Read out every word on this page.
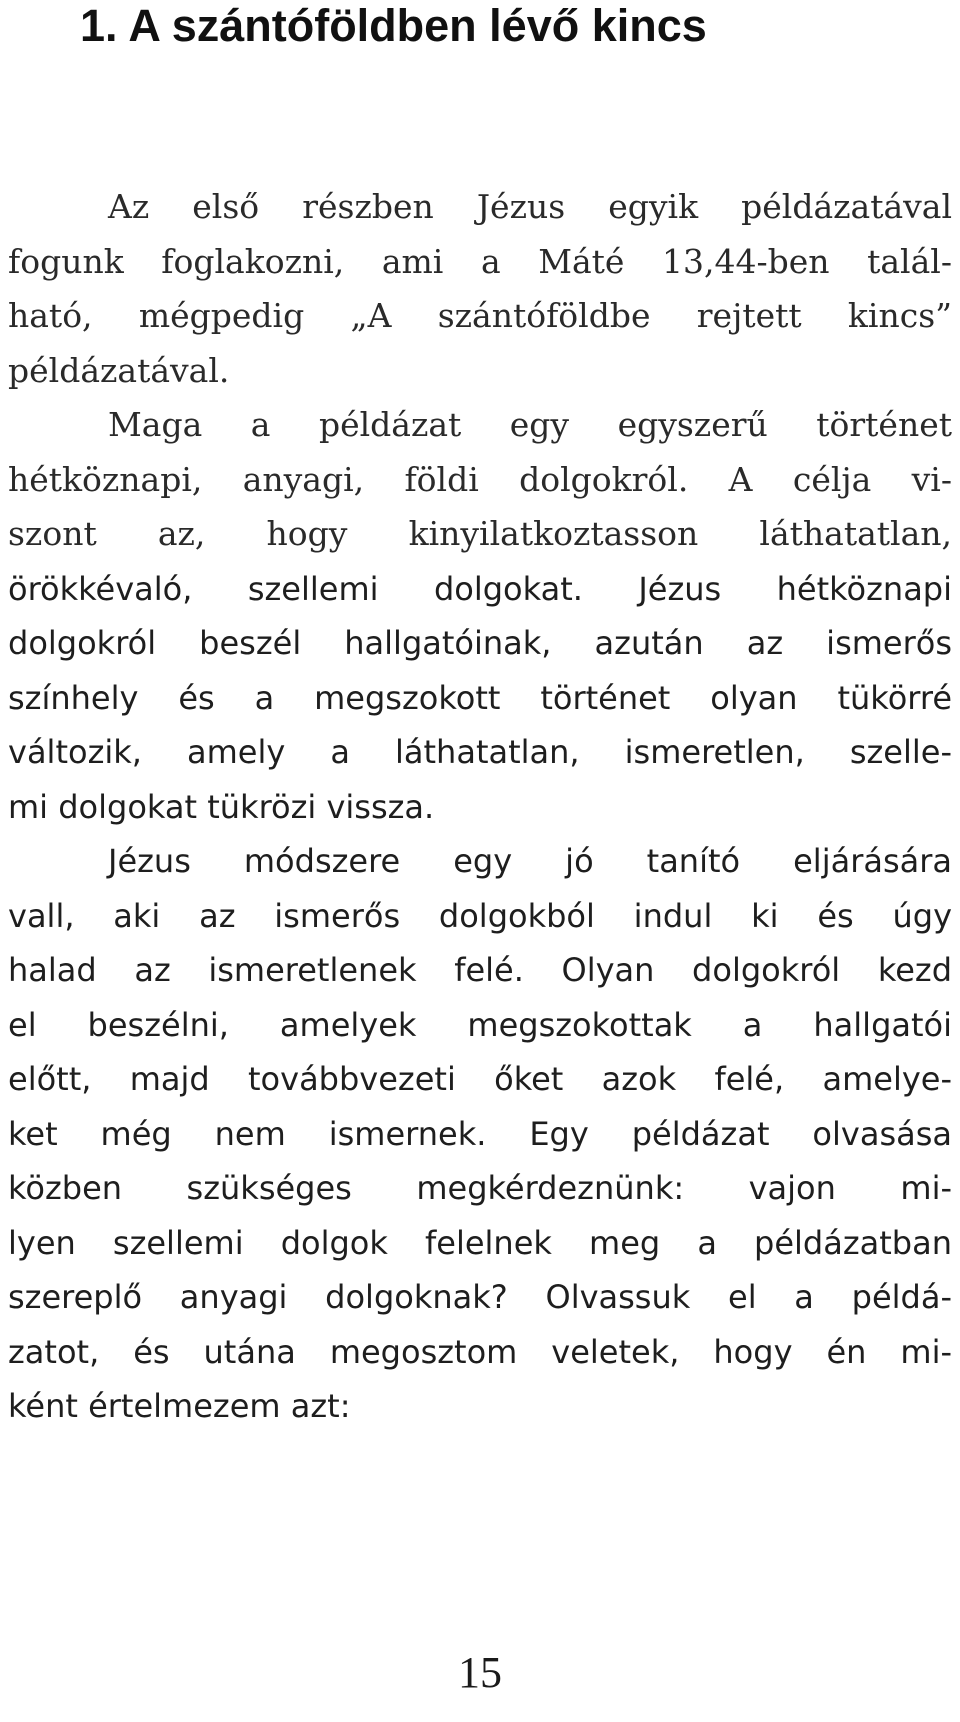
1. A szántóföldben lévő kincs
Az első részben Jézus egyik példázatával
fogunk foglakozni, ami a Máté 13,44-ben talál-
ható, mégpedig „A szántóföldbe rejtett kincs”
példázatával.
Maga a példázat egy egyszerű történet
hétköznapi, anyagi, földi dolgokról. A célja vi-
szont az, hogy kinyilatkoztasson láthatatlan,
örökkévaló, szellemi dolgokat. Jézus hétköznapi
dolgokról beszél hallgatóinak, azután az ismerős
színhely és a megszokott történet olyan tükörré
változik, amely a láthatatlan, ismeretlen, szelle-
mi dolgokat tükrözi vissza.
Jézus módszere egy jó tanító eljárására
vall, aki az ismerős dolgokból indul ki és úgy
halad az ismeretlenek felé. Olyan dolgokról kezd
el beszélni, amelyek megszokottak a hallgatói
előtt, majd továbbvezeti őket azok felé, amelye-
ket még nem ismernek. Egy példázat olvasása
közben szükséges megkérdeznünk: vajon mi-
lyen szellemi dolgok felelnek meg a példázatban
szereplő anyagi dolgoknak? Olvassuk el a példá-
zatot, és utána megosztom veletek, hogy én mi-
ként értelmezem azt:
15
